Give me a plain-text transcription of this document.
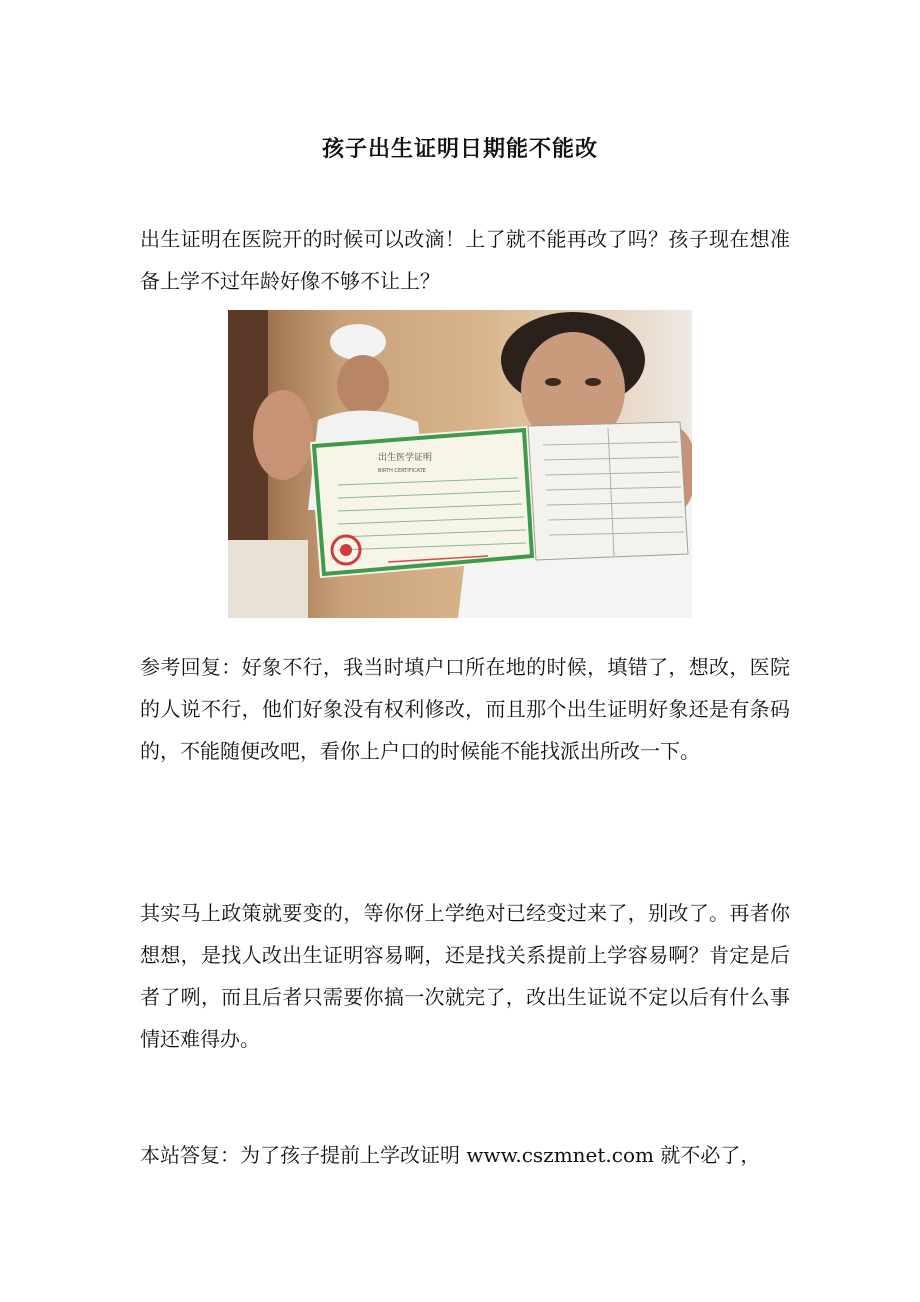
孩子出生证明日期能不能改

出生证明在医院开的时候可以改滴！上了就不能再改了吗？孩子现在想准备上学不过年龄好像不够不让上？

出生医学证明
BIRTH CERTIFICATE

参考回复：好象不行，我当时填户口所在地的时候，填错了，想改，医院的人说不行，他们好象没有权利修改，而且那个出生证明好象还是有条码的，不能随便改吧，看你上户口的时候能不能找派出所改一下。

其实马上政策就要变的，等你伢上学绝对已经变过来了，别改了。再者你想想，是找人改出生证明容易啊，还是找关系提前上学容易啊？肯定是后者了咧，而且后者只需要你搞一次就完了，改出生证说不定以后有什么事情还难得办。

本站答复：为了孩子提前上学改证明 www.cszmnet.com 就不必了，
